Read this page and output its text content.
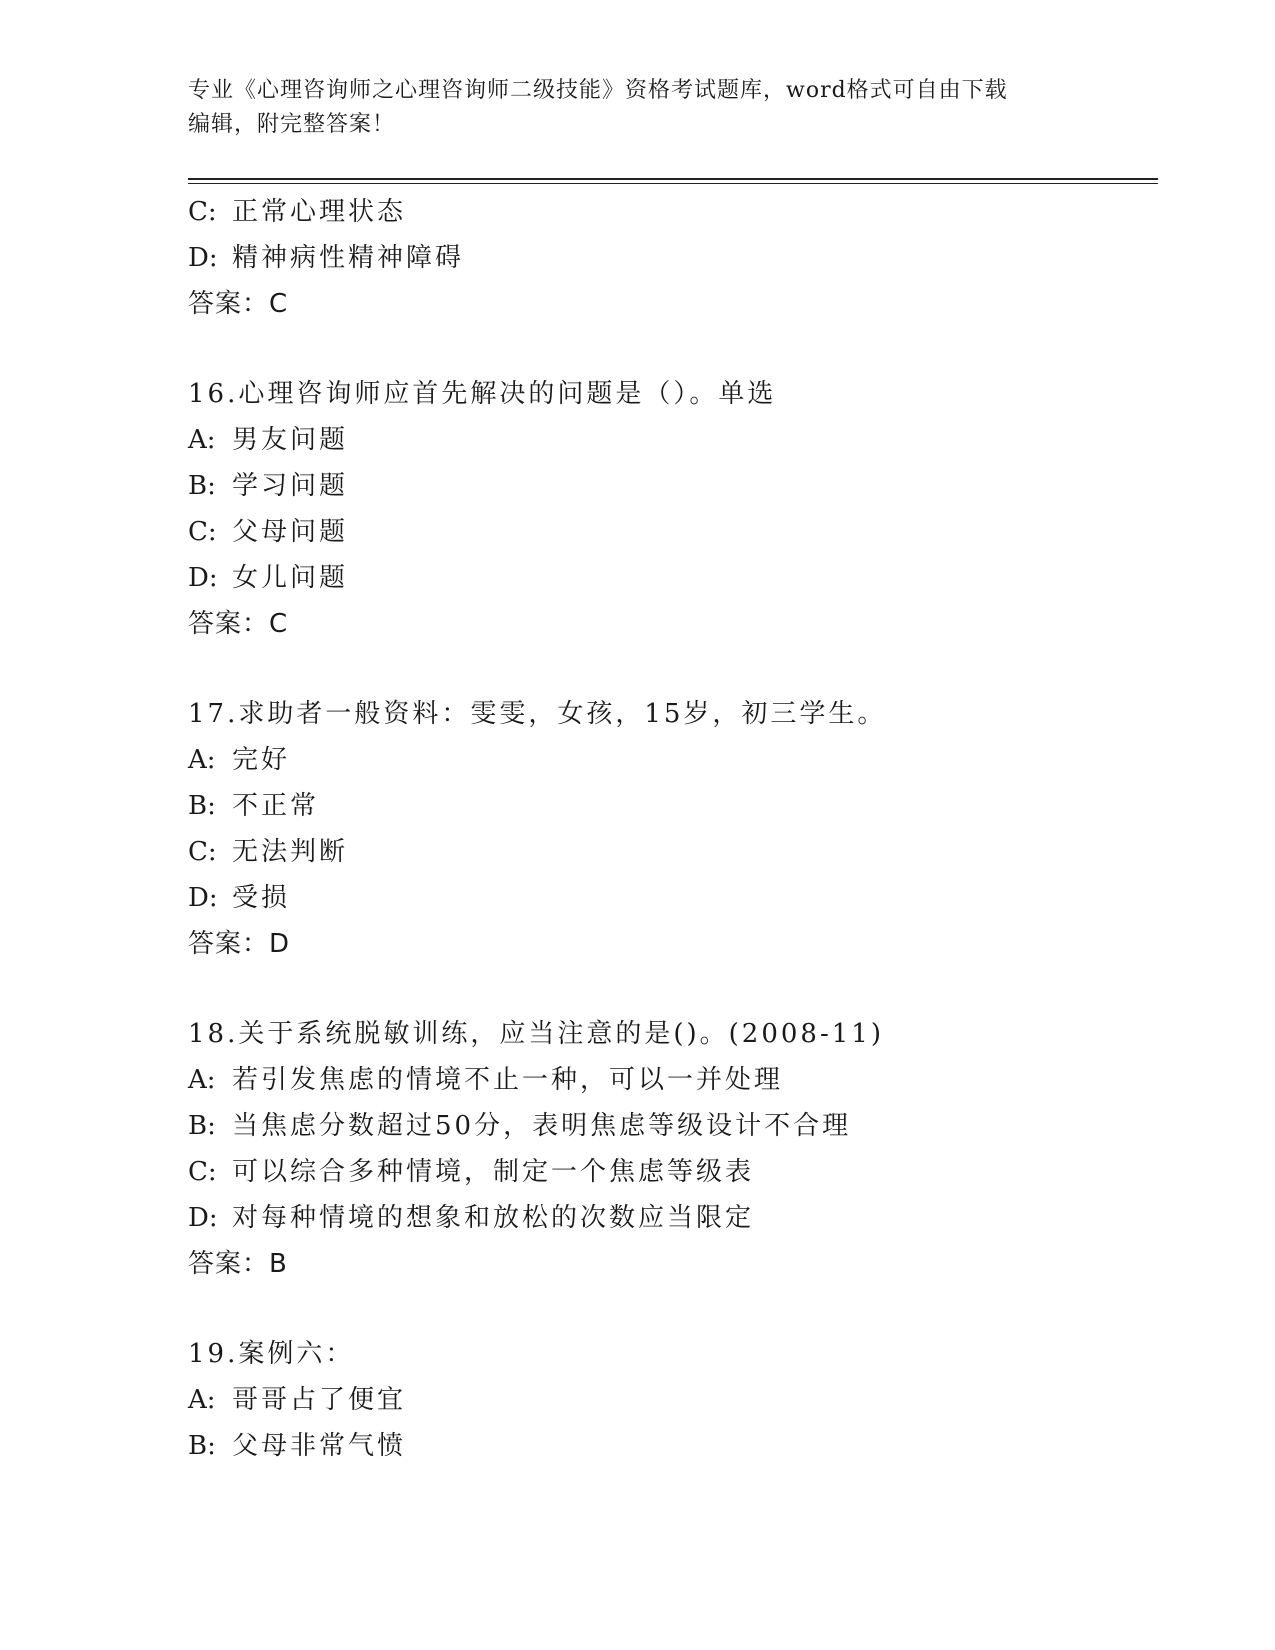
专业《心理咨询师之心理咨询师二级技能》资格考试题库，word格式可自由下载
编辑，附完整答案！
C: 正常心理状态
D: 精神病性精神障碍
答案：C
16.心理咨询师应首先解决的问题是（）。单选
A: 男友问题
B: 学习问题
C: 父母问题
D: 女儿问题
答案：C
17.求助者一般资料：雯雯，女孩，15岁，初三学生。
A: 完好
B: 不正常
C: 无法判断
D: 受损
答案：D
18.关于系统脱敏训练，应当注意的是()。(2008-11)
A: 若引发焦虑的情境不止一种，可以一并处理
B: 当焦虑分数超过50分，表明焦虑等级设计不合理
C: 可以综合多种情境，制定一个焦虑等级表
D: 对每种情境的想象和放松的次数应当限定
答案：B
19.案例六：
A: 哥哥占了便宜
B: 父母非常气愤
